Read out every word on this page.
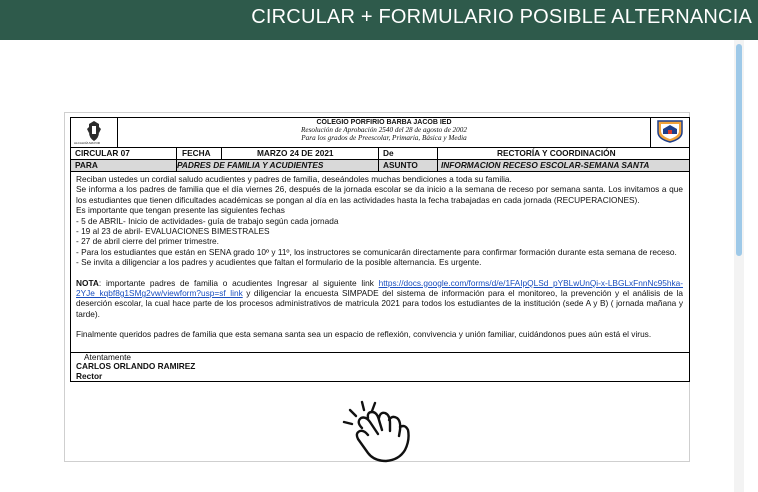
CIRCULAR + FORMULARIO POSIBLE ALTERNANCIA
ALCALDÍA MAYOR
COLEGIO PORFIRIO BARBA JACOB IED
Resolución de Aprobación 2540 del 28 de agosto de 2002
Para los grados de Preescolar, Primaria, Básica y Media
CIRCULAR 07	FECHA	MARZO 24 DE 2021	De	RECTORÍA Y COORDINACIÓN
PARA	PADRES DE FAMILIA Y ACUDIENTES	ASUNTO	INFORMACION RECESO ESCOLAR-SEMANA SANTA

Reciban ustedes un cordial saludo acudientes y padres de familia, deseándoles muchas bendiciones a toda su familia.

Se informa a los padres de familia que el día viernes 26, después de la jornada escolar se da inicio a la semana de receso por semana santa. Los invitamos a que los estudiantes que tienen dificultades académicas se pongan al día en las actividades hasta la fecha trabajadas en cada jornada (RECUPERACIONES).

Es importante que tengan presente las siguientes fechas

- 5 de ABRIL- Inicio de actividades- guía de trabajo según cada jornada

- 19 al 23 de abril- EVALUACIONES BIMESTRALES

- 27 de abril cierre del primer trimestre.

- Para los estudiantes que están en SENA grado 10º y 11º, los instructores se comunicarán directamente para confirmar formación durante esta semana de receso.

- Se invita a diligenciar a los padres y acudientes que faltan el formulario de la posible alternancia. Es urgente.

NOTA: importante padres de familia o acudientes Ingresar al siguiente link https://docs.google.com/forms/d/e/1FAIpQLSd_pYBLwUnQi-x-LBGLxFnnNc95hka-2YJe_kqbf8g1SMg2vw/viewform?usp=sf_link y diligenciar la encuesta SIMPADE del sistema de información para el monitoreo, la prevención y el análisis de la deserción escolar, la cual hace parte de los procesos administrativos de matricula 2021 para todos los estudiantes de la institución (sede A y B) ( jornada mañana y tarde).

Finalmente queridos padres de familia que esta semana santa sea un espacio de reflexión, convivencia y unión familiar, cuidándonos pues aún está el virus.

Atentamente
CARLOS ORLANDO RAMIREZ
Rector
